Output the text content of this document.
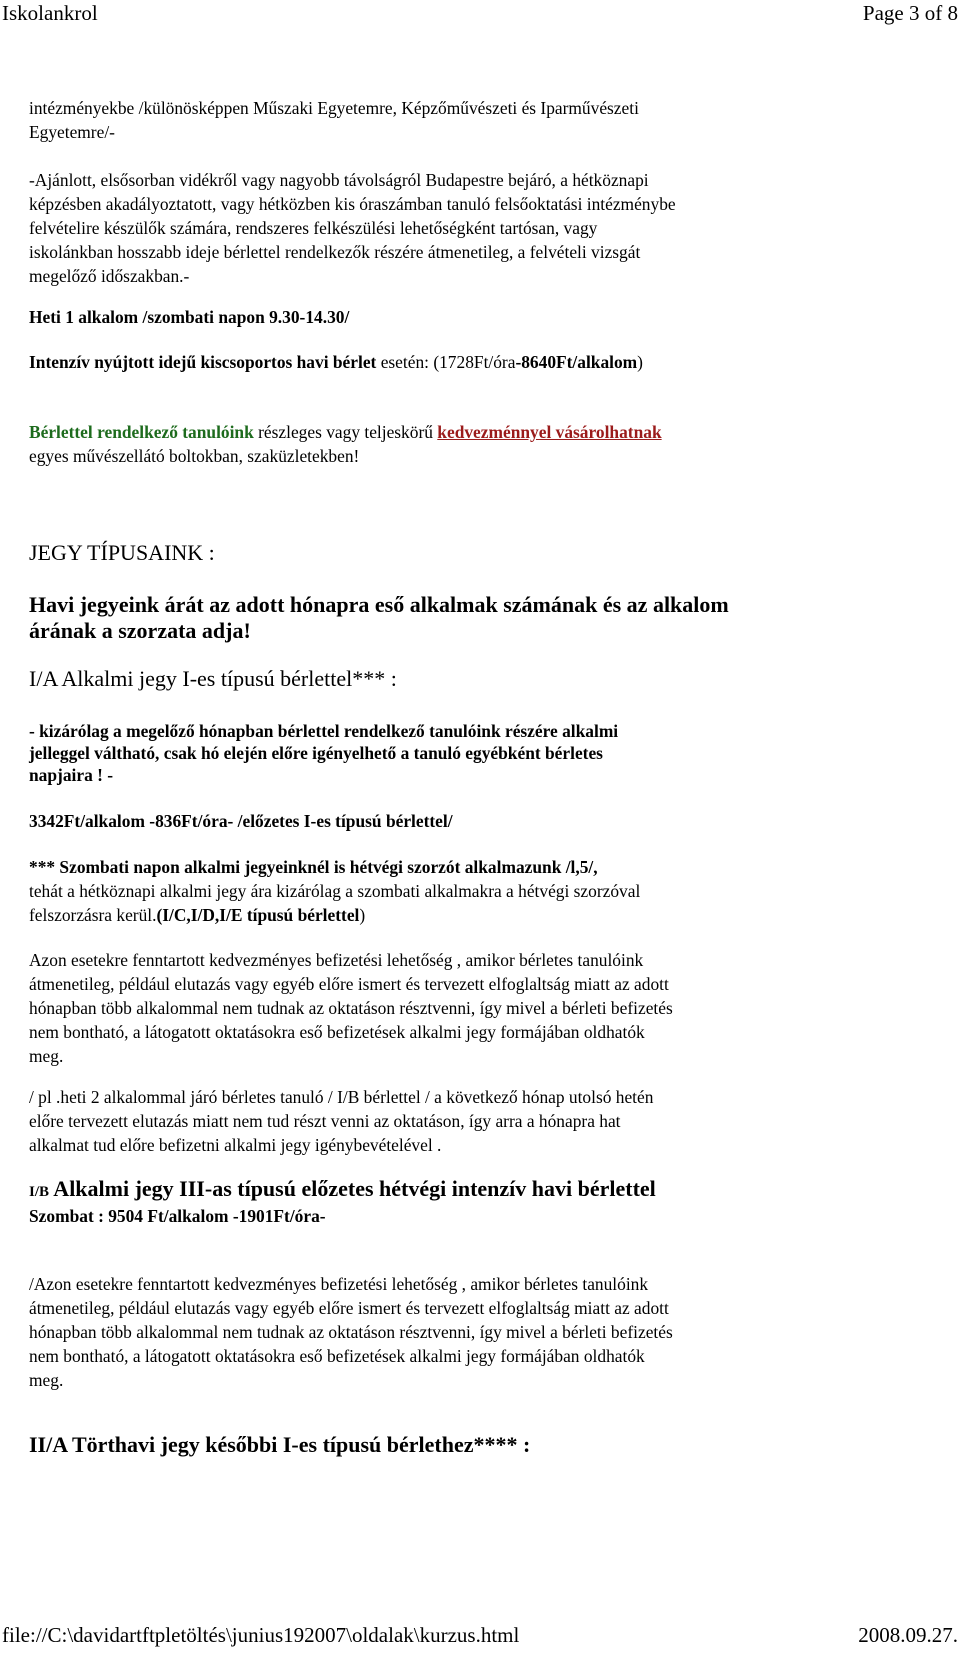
Iskolankrol	Page 3 of 8
intézményekbe /különösképpen Műszaki Egyetemre, Képzőművészeti és Iparművészeti
Egyetemre/-
-Ajánlott, elsősorban vidékről vagy nagyobb távolságról Budapestre bejáró, a hétköznapi
képzésben akadályoztatott, vagy hétközben kis óraszámban tanuló felsőoktatási intézménybe
felvételire készülők számára, rendszeres felkészülési lehetőségként tartósan, vagy
iskolánkban hosszabb ideje bérlettel rendelkezők részére átmenetileg, a felvételi vizsgát
megelőző időszakban.-
Heti 1 alkalom /szombati napon 9.30-14.30/
Intenzív nyújtott idejű kiscsoportos havi bérlet esetén: (1728Ft/óra-8640Ft/alkalom)
Bérlettel rendelkező tanulóink részleges vagy teljeskörű kedvezménnyel vásárolhatnak
egyes művészellátó boltokban, szaküzletekben!
JEGY TÍPUSAINK :
Havi jegyeink árát az adott hónapra eső alkalmak számának és az alkalom
árának a szorzata adja!
I/A Alkalmi jegy I-es típusú bérlettel*** :
- kizárólag a megelőző hónapban bérlettel rendelkező tanulóink részére alkalmi
jelleggel váltható, csak hó elején előre igényelhető a tanuló egyébként bérletes
napjaira ! -
3342Ft/alkalom -836Ft/óra- /előzetes I-es típusú bérlettel/
*** Szombati napon alkalmi jegyeinknél is hétvégi szorzót alkalmazunk /l,5/,
tehát a hétköznapi alkalmi jegy ára kizárólag a szombati alkalmakra a hétvégi szorzóval
felszorzásra kerül.(I/C,I/D,I/E típusú bérlettel)
Azon esetekre fenntartott kedvezményes befizetési lehetőség , amikor bérletes tanulóink
átmenetileg, például elutazás vagy egyéb előre ismert és tervezett elfoglaltság miatt az adott
hónapban több alkalommal nem tudnak az oktatáson résztvenni, így mivel a bérleti befizetés
nem bontható, a látogatott oktatásokra eső befizetések alkalmi jegy formájában oldhatók
meg.
/ pl .heti 2 alkalommal járó bérletes tanuló / I/B bérlettel / a következő hónap utolsó hetén
előre tervezett elutazás miatt nem tud részt venni az oktatáson, így arra a hónapra hat
alkalmat tud előre befizetni alkalmi jegy igénybevételével .
I/B Alkalmi jegy III-as típusú előzetes hétvégi intenzív havi bérlettel
Szombat : 9504 Ft/alkalom -1901Ft/óra-
/Azon esetekre fenntartott kedvezményes befizetési lehetőség , amikor bérletes tanulóink
átmenetileg, például elutazás vagy egyéb előre ismert és tervezett elfoglaltság miatt az adott
hónapban több alkalommal nem tudnak az oktatáson résztvenni, így mivel a bérleti befizetés
nem bontható, a látogatott oktatásokra eső befizetések alkalmi jegy formájában oldhatók
meg.
II/A Törthavi jegy későbbi I-es típusú bérlethez**** :
file://C:\davidartftpletöltés\junius192007\oldalak\kurzus.html	2008.09.27.
